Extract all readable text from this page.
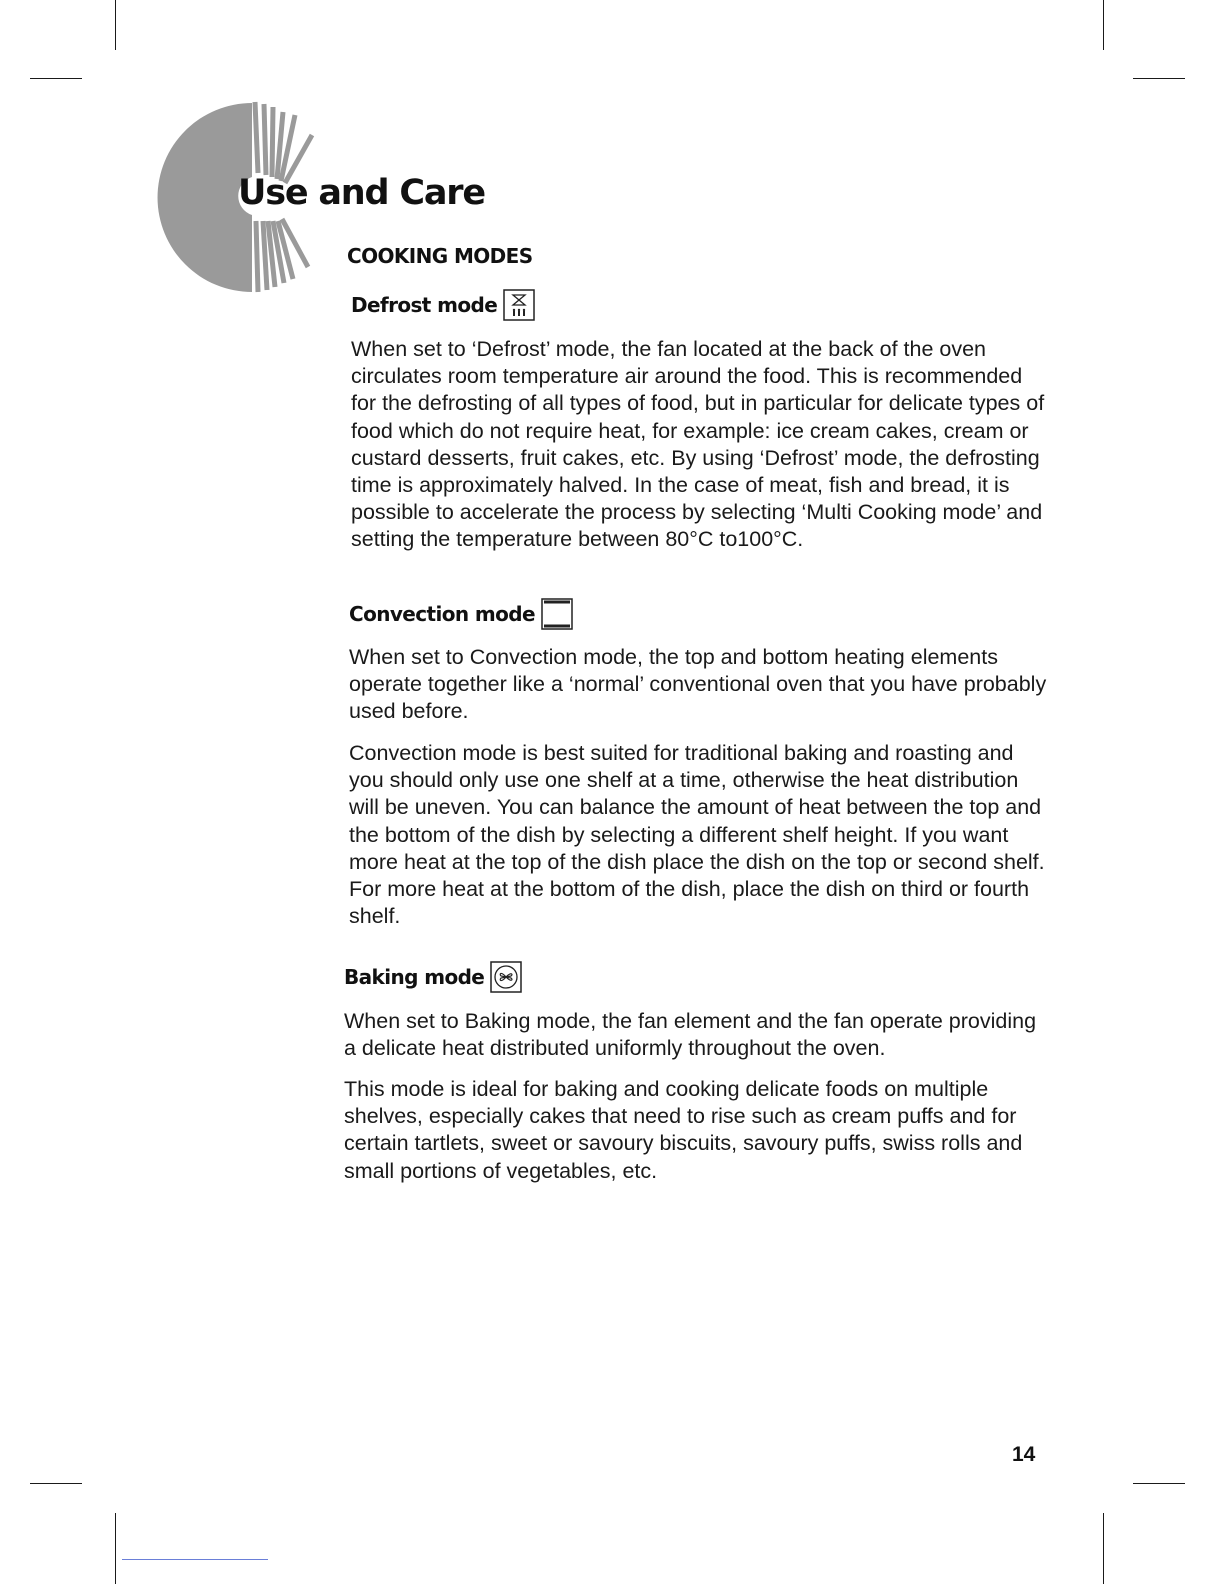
Use and Care
COOKING MODES
Defrost mode

When set to ‘Defrost’ mode, the fan located at the back of the oven circulates room temperature air around the food. This is recommended for the defrosting of all types of food, but in particular for delicate types of food which do not require heat, for example: ice cream cakes, cream or custard desserts, fruit cakes, etc. By using ‘Defrost’ mode, the defrosting time is approximately halved. In the case of meat, fish and bread, it is possible to accelerate the process by selecting ‘Multi Cooking mode’ and setting the temperature between 80°C to100°C.

Convection mode

When set to Convection mode, the top and bottom heating elements operate together like a ‘normal’ conventional oven that you have probably used before.

Convection mode is best suited for traditional baking and roasting and you should only use one shelf at a time, otherwise the heat distribution will be uneven. You can balance the amount of heat between the top and the bottom of the dish by selecting a different shelf height. If you want more heat at the top of the dish place the dish on the top or second shelf. For more heat at the bottom of the dish, place the dish on third or fourth shelf.

Baking mode

When set to Baking mode, the fan element and the fan operate providing a delicate heat distributed uniformly throughout the oven.

This mode is ideal for baking and cooking delicate foods on multiple shelves, especially cakes that need to rise such as cream puffs and for certain tartlets, sweet or savoury biscuits, savoury puffs, swiss rolls and small portions of vegetables, etc.

14
